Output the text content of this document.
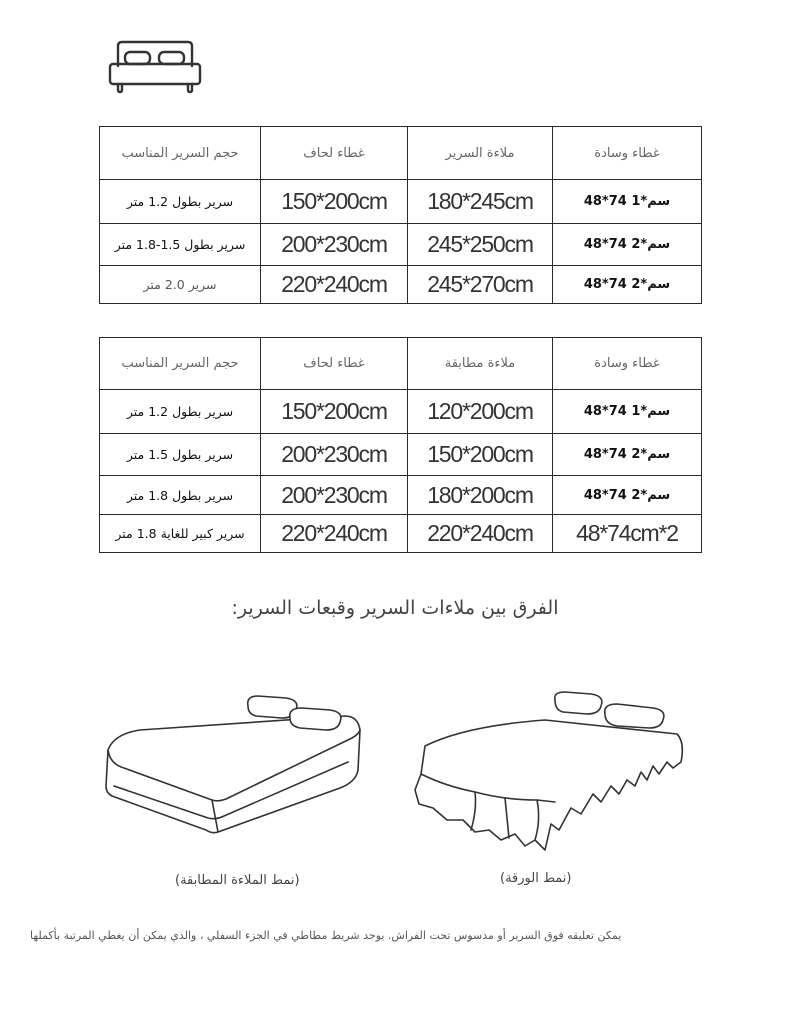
حجم السرير المناسب	غطاء لحاف	ملاءة السرير	غطاء وسادة
سرير بطول 1.2 متر	150*200cm	180*245cm	48*74 سم*1
سرير بطول 1.5-1.8 متر	200*230cm	245*250cm	48*74 سم*2
سرير 2.0 متر	220*240cm	245*270cm	48*74 سم*2
حجم السرير المناسب	غطاء لحاف	ملاءة مطابقة	غطاء وسادة
سرير بطول 1.2 متر	150*200cm	120*200cm	48*74 سم*1
سرير بطول 1.5 متر	200*230cm	150*200cm	48*74 سم*2
سرير بطول 1.8 متر	200*230cm	180*200cm	48*74 سم*2
سرير كبير للغاية 1.8 متر	220*240cm	220*240cm	48*74cm*2
الفرق بين ملاءات السرير وقبعات السرير:
(نمط الملاءة المطابقة)	(نمط الورقة)
يمكن تعليقه فوق السرير أو مدسوس تحت الفراش. يوجد شريط مطاطي في الجزء السفلي ، والذي يمكن أن يغطي المرتبة بأكملها
